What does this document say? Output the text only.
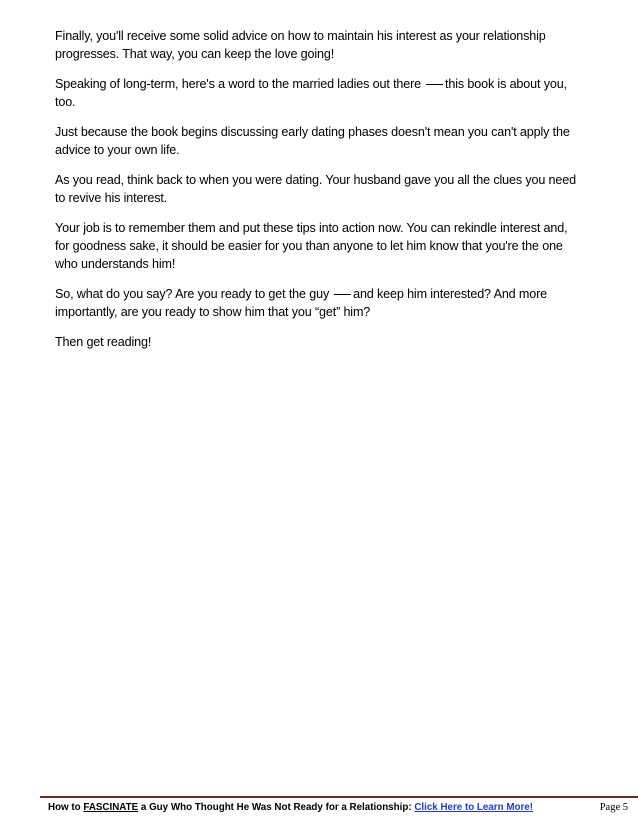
Finally, you'll receive some solid advice on how to maintain his interest as your relationship progresses. That way, you can keep the love going!

Speaking of long-term, here's a word to the married ladies out there this book is about you, too.

Just because the book begins discussing early dating phases doesn't mean you can't apply the advice to your own life.

As you read, think back to when you were dating. Your husband gave you all the clues you need to revive his interest.

Your job is to remember them and put these tips into action now. You can rekindle interest and, for goodness sake, it should be easier for you than anyone to let him know that you're the one who understands him!

So, what do you say? Are you ready to get the guy and keep him interested? And more importantly, are you ready to show him that you “get” him?

Then get reading!

How to FASCINATE a Guy Who Thought He Was Not Ready for a Relationship: Click Here to Learn More!	Page 5
